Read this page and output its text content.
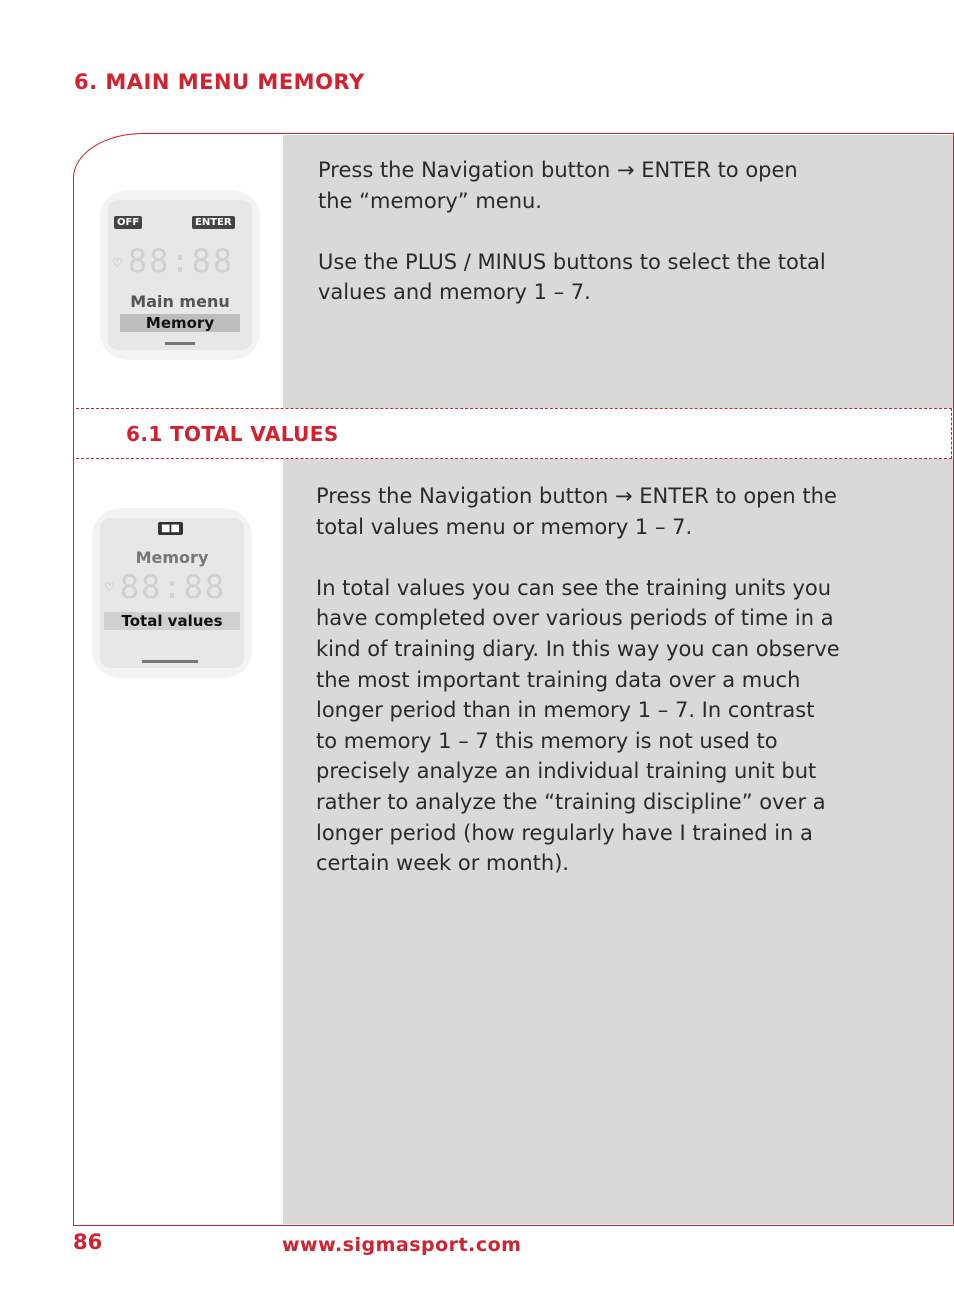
6. MAIN MENU MEMORY
OFF	ENTER
♡ 88:88
Main menu
Memory

Press the Navigation button → ENTER to open the “memory” menu.

Use the PLUS / MINUS buttons to select the total values and memory 1 – 7.

6.1 TOTAL VALUES
■■
Memory
♡ 88:88
Total values

Press the Navigation button → ENTER to open the total values menu or memory 1 – 7.

In total values you can see the training units you have completed over various periods of time in a kind of training diary. In this way you can observe the most important training data over a much longer period than in memory 1 – 7. In contrast to memory 1 – 7 this memory is not used to precisely analyze an individual training unit but rather to analyze the “training discipline” over a longer period (how regularly have I trained in a certain week or month).

86	www.sigmasport.com
